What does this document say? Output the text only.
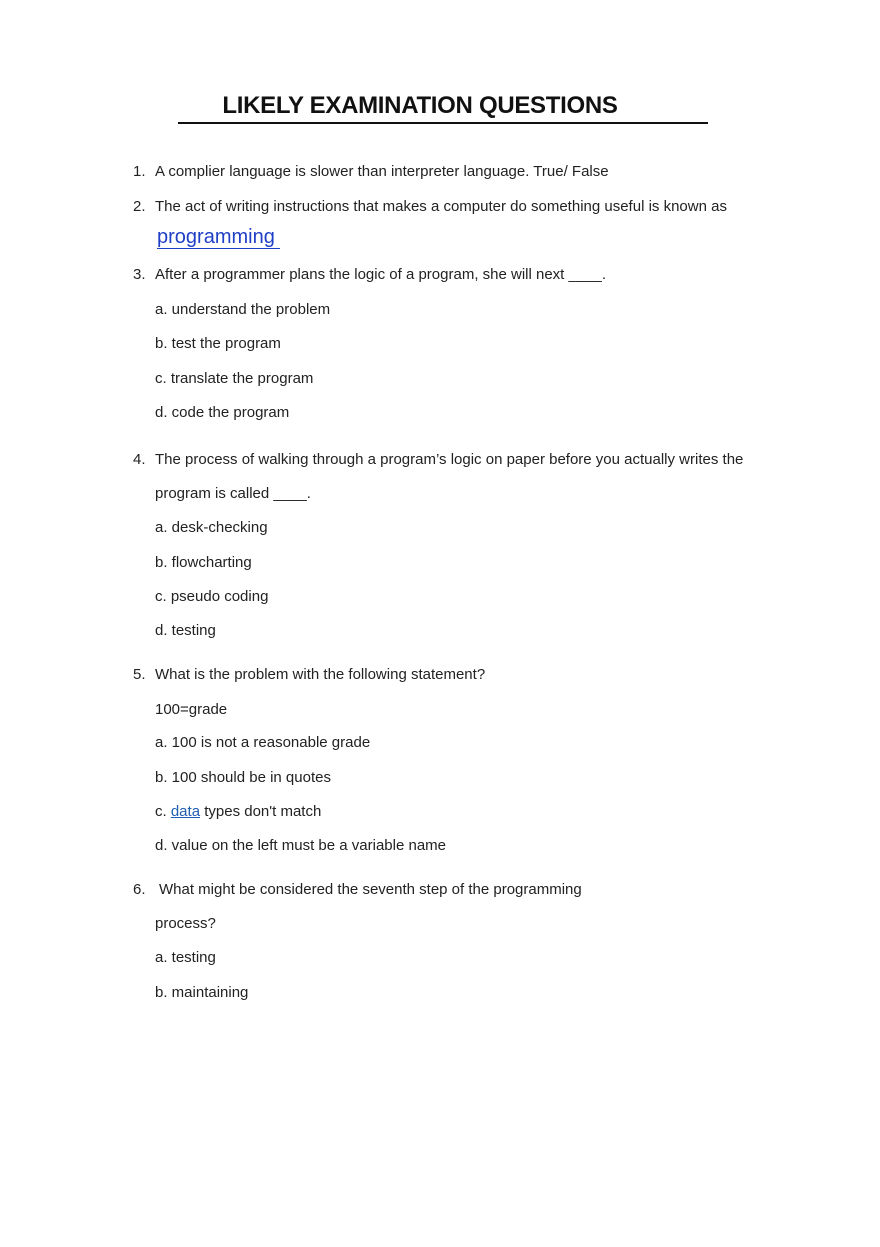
LIKELY EXAMINATION QUESTIONS
1. A complier language is slower than interpreter language. True/ False
2. The act of writing instructions that makes a computer do something useful is known as
programming
3. After a programmer plans the logic of a program, she will next ____.
a. understand the problem
b. test the program
c. translate the program
d. code the program
4. The process of walking through a program’s logic on paper before you actually writes the
program is called ____.
a. desk-checking
b. flowcharting
c. pseudo coding
d. testing
5. What is the problem with the following statement?
100=grade
a. 100 is not a reasonable grade
b. 100 should be in quotes
c. data types don't match
d. value on the left must be a variable name
6. What might be considered the seventh step of the programming
process?
a. testing
b. maintaining
